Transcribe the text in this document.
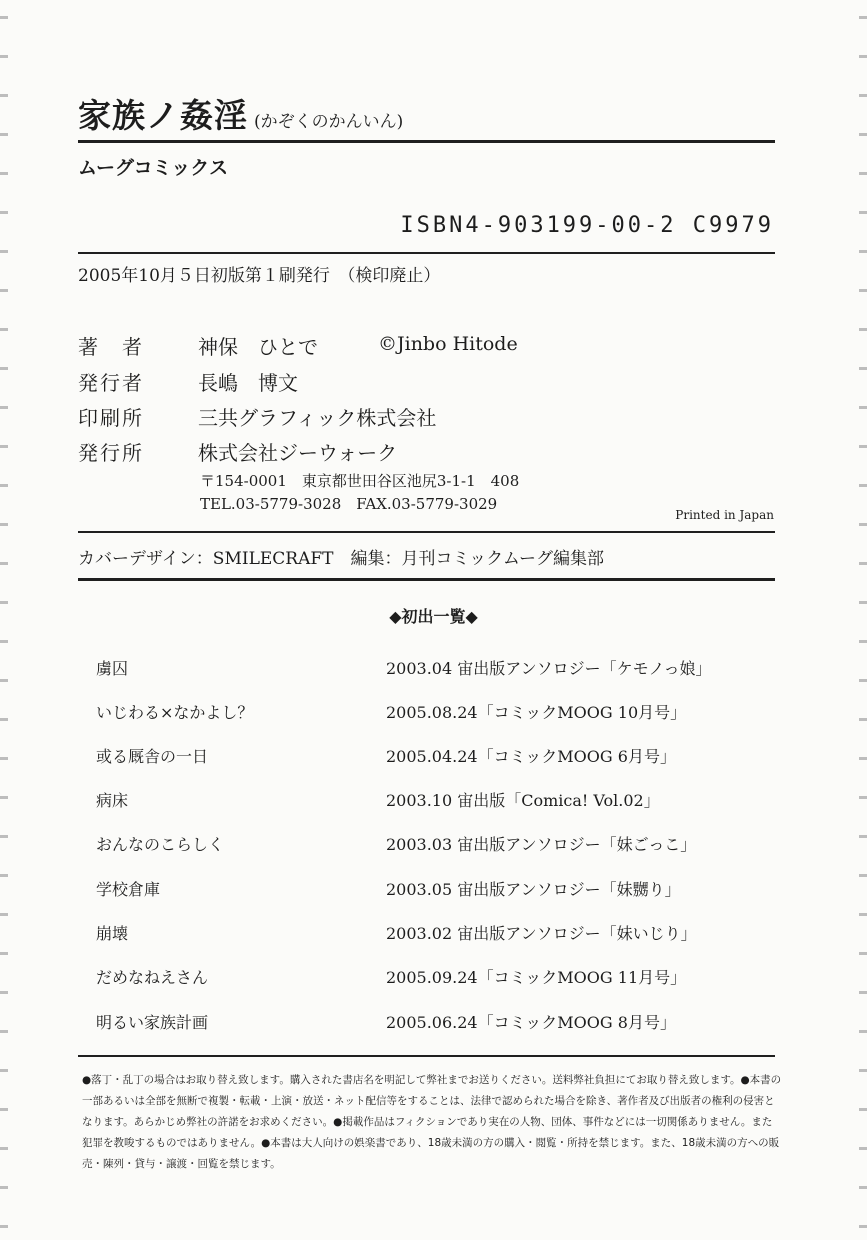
家族ノ姦淫 (かぞくのかんいん)
ムーグコミックス
ISBN4-903199-00-2 C9979
2005年10月５日初版第１刷発行　（検印廃止）
著　者	神保　ひとで	©Jinbo Hitode
発行者	長嶋　博文
印刷所	三共グラフィック株式会社
発行所	株式会社ジーウォーク
〒154-0001　東京都世田谷区池尻3-1-1　408
TEL.03-5779-3028　FAX.03-5779-3029
Printed in Japan
カバーデザイン：SMILECRAFT　編集：月刊コミックムーグ編集部
◆初出一覧◆
虜囚	2003.04 宙出版アンソロジー「ケモノっ娘」
いじわる×なかよし？	2005.08.24「コミックMOOG 10月号」
或る厩舎の一日	2005.04.24「コミックMOOG 6月号」
病床	2003.10 宙出版「Comica! Vol.02」
おんなのこらしく	2003.03 宙出版アンソロジー「妹ごっこ」
学校倉庫	2003.05 宙出版アンソロジー「妹嬲り」
崩壊	2003.02 宙出版アンソロジー「妹いじり」
だめなねえさん	2005.09.24「コミックMOOG 11月号」
明るい家族計画	2005.06.24「コミックMOOG 8月号」
●落丁・乱丁の場合はお取り替え致します。購入された書店名を明記して弊社までお送りください。送料弊社負担にてお取り替え致します。●本書の一部あるいは全部を無断で複製・転載・上演・放送・ネット配信等をすることは、法律で認められた場合を除き、著作者及び出版者の権利の侵害となります。あらかじめ弊社の許諾をお求めください。●掲載作品はフィクションであり実在の人物、団体、事件などには一切関係ありません。また犯罪を教唆するものではありません。●本書は大人向けの娯楽書であり、18歳未満の方の購入・閲覧・所持を禁じます。また、18歳未満の方への販売・陳列・貸与・譲渡・回覧を禁じます。
